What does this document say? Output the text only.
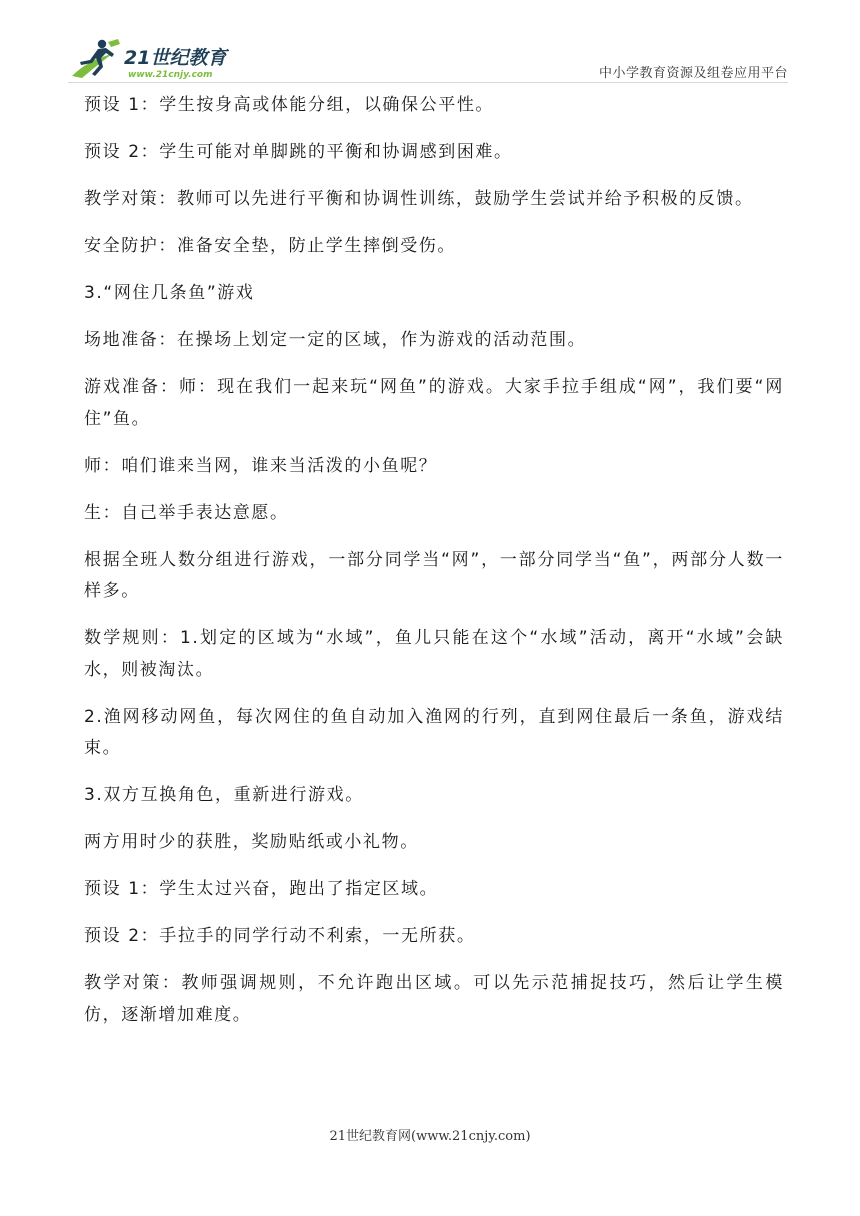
21世纪教育
www.21cnjy.com	中小学教育资源及组卷应用平台

预设 1：学生按身高或体能分组，以确保公平性。

预设 2：学生可能对单脚跳的平衡和协调感到困难。

教学对策：教师可以先进行平衡和协调性训练，鼓励学生尝试并给予积极的反馈。

安全防护：准备安全垫，防止学生摔倒受伤。

3.“网住几条鱼”游戏

场地准备：在操场上划定一定的区域，作为游戏的活动范围。

游戏准备：师：现在我们一起来玩“网鱼”的游戏。大家手拉手组成“网”，我们要“网住”鱼。

师：咱们谁来当网，谁来当活泼的小鱼呢？

生：自己举手表达意愿。

根据全班人数分组进行游戏，一部分同学当“网”，一部分同学当“鱼”，两部分人数一样多。

数学规则：1.划定的区域为“水域”，鱼儿只能在这个“水域”活动，离开“水域”会缺水，则被淘汰。

2.渔网移动网鱼，每次网住的鱼自动加入渔网的行列，直到网住最后一条鱼，游戏结束。

3.双方互换角色，重新进行游戏。

两方用时少的获胜，奖励贴纸或小礼物。

预设 1：学生太过兴奋，跑出了指定区域。

预设 2：手拉手的同学行动不利索，一无所获。

教学对策：教师强调规则，不允许跑出区域。可以先示范捕捉技巧，然后让学生模仿，逐渐增加难度。

21世纪教育网(www.21cnjy.com)
